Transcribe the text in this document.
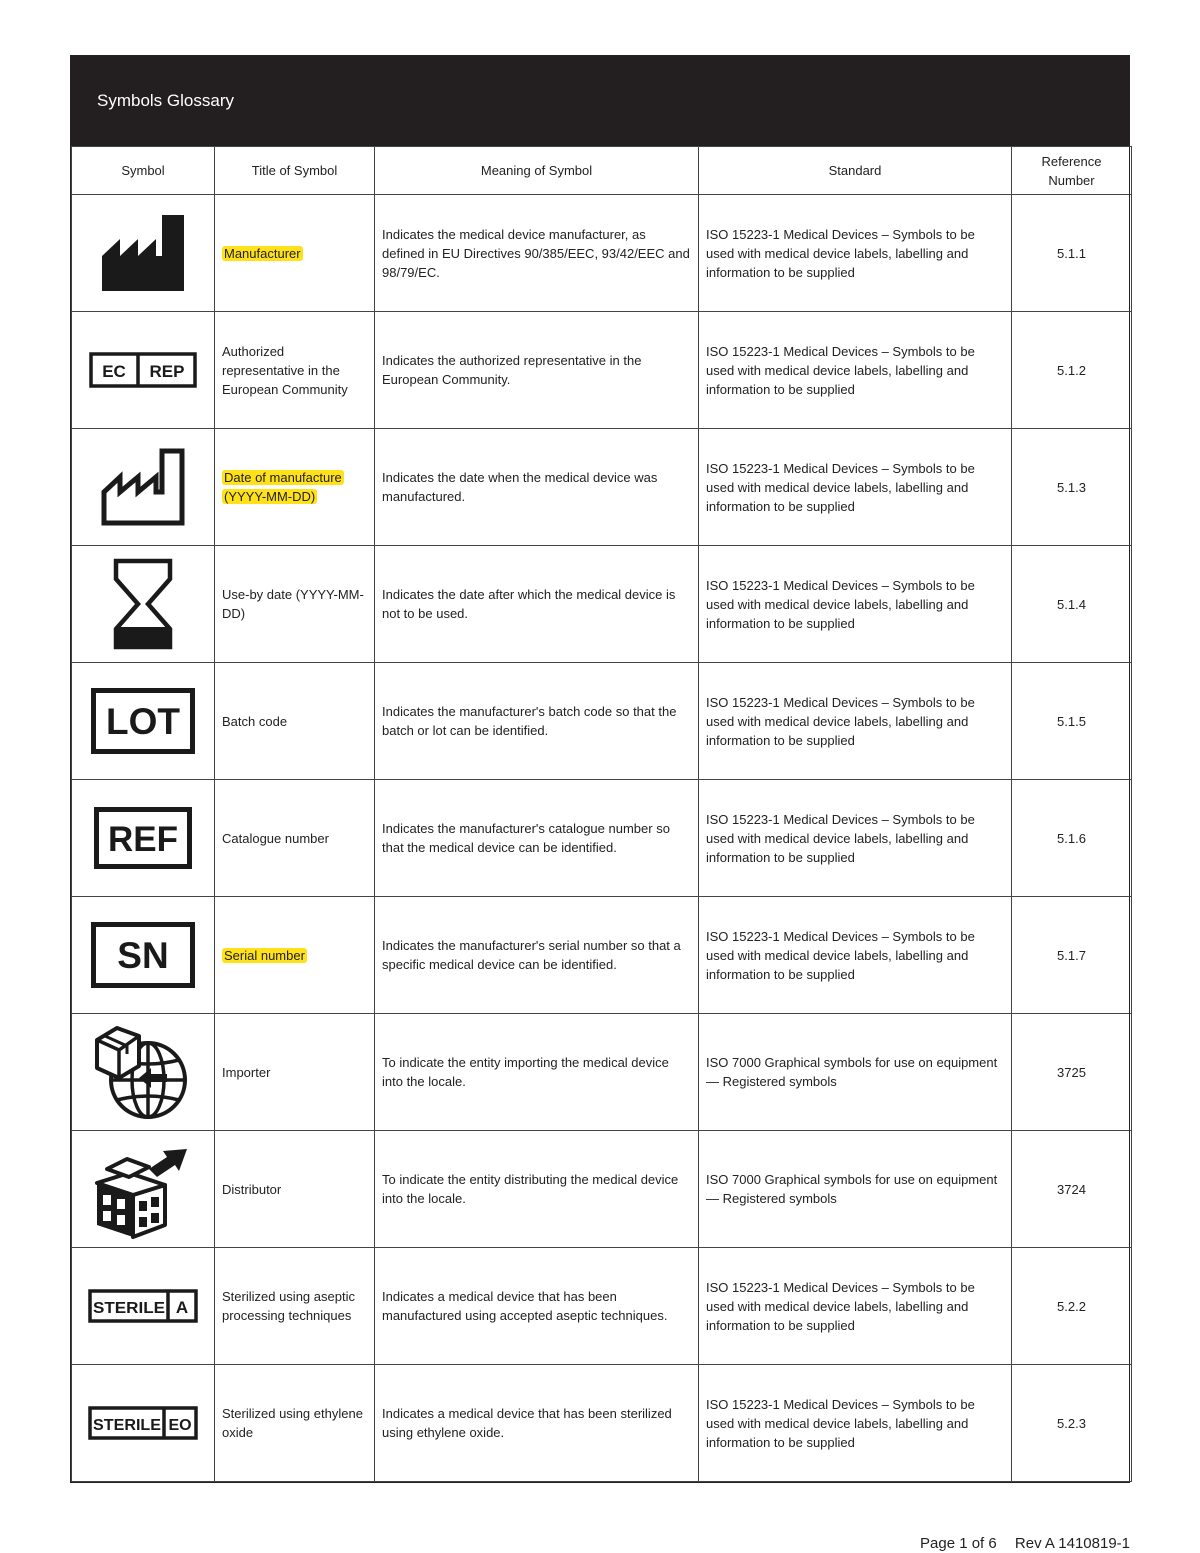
Symbols Glossary
Symbol	Title of Symbol	Meaning of Symbol	Standard	Reference Number

	Manufacturer	Indicates the medical device manufacturer, as defined in EU Directives 90/385/EEC, 93/42/EEC and 98/79/EC.	ISO 15223-1 Medical Devices – Symbols to be used with medical device labels, labelling and information to be supplied	5.1.1

EC REP	Authorized representative in the European Community	Indicates the authorized representative in the European Community.	ISO 15223-1 Medical Devices – Symbols to be used with medical device labels, labelling and information to be supplied	5.1.2

	Date of manufacture (YYYY-MM-DD)	Indicates the date when the medical device was manufactured.	ISO 15223-1 Medical Devices – Symbols to be used with medical device labels, labelling and information to be supplied	5.1.3

	Use-by date (YYYY-MM-DD)	Indicates the date after which the medical device is not to be used.	ISO 15223-1 Medical Devices – Symbols to be used with medical device labels, labelling and information to be supplied	5.1.4

LOT	Batch code	Indicates the manufacturer's batch code so that the batch or lot can be identified.	ISO 15223-1 Medical Devices – Symbols to be used with medical device labels, labelling and information to be supplied	5.1.5

REF	Catalogue number	Indicates the manufacturer's catalogue number so that the medical device can be identified.	ISO 15223-1 Medical Devices – Symbols to be used with medical device labels, labelling and information to be supplied	5.1.6

SN	Serial number	Indicates the manufacturer's serial number so that a specific medical device can be identified.	ISO 15223-1 Medical Devices – Symbols to be used with medical device labels, labelling and information to be supplied	5.1.7

	Importer	To indicate the entity importing the medical device into the locale.	ISO 7000 Graphical symbols for use on equipment — Registered symbols	3725

	Distributor	To indicate the entity distributing the medical device into the locale.	ISO 7000 Graphical symbols for use on equipment — Registered symbols	3724

STERILE A	Sterilized using aseptic processing techniques	Indicates a medical device that has been manufactured using accepted aseptic techniques.	ISO 15223-1 Medical Devices – Symbols to be used with medical device labels, labelling and information to be supplied	5.2.2

STERILE EO	Sterilized using ethylene oxide	Indicates a medical device that has been sterilized using ethylene oxide.	ISO 15223-1 Medical Devices – Symbols to be used with medical device labels, labelling and information to be supplied	5.2.3
Page 1 of 6 Rev A 1410819-1
